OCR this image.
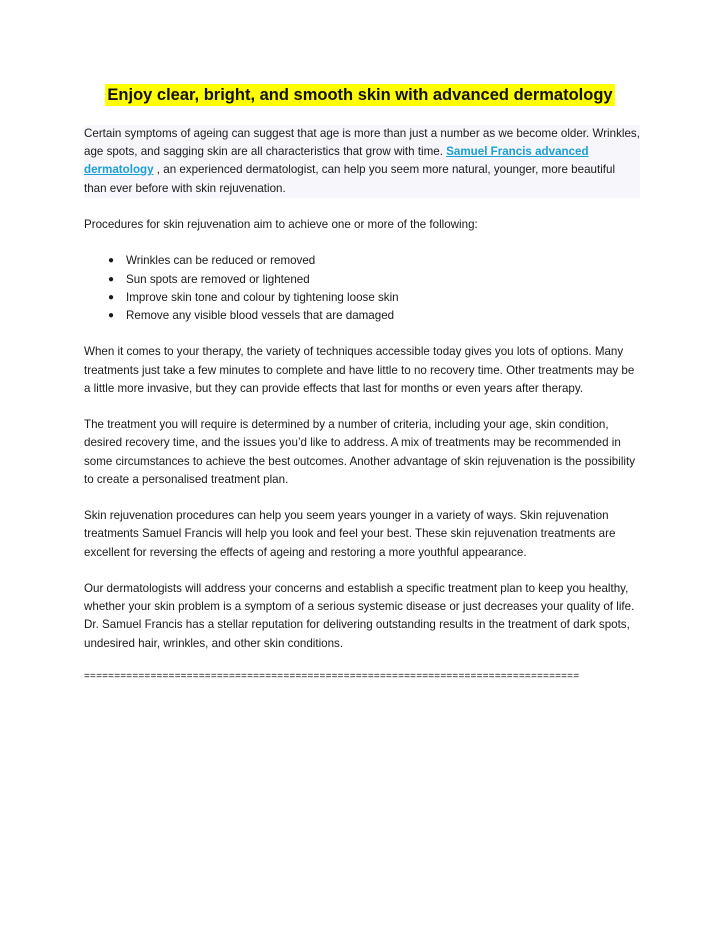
Enjoy clear, bright, and smooth skin with advanced dermatology

Certain symptoms of ageing can suggest that age is more than just a number as we become older. Wrinkles, age spots, and sagging skin are all characteristics that grow with time. Samuel Francis advanced dermatology , an experienced dermatologist, can help you seem more natural, younger, more beautiful than ever before with skin rejuvenation.

Procedures for skin rejuvenation aim to achieve one or more of the following:

●	Wrinkles can be reduced or removed
●	Sun spots are removed or lightened
●	Improve skin tone and colour by tightening loose skin
●	Remove any visible blood vessels that are damaged

When it comes to your therapy, the variety of techniques accessible today gives you lots of options. Many treatments just take a few minutes to complete and have little to no recovery time. Other treatments may be a little more invasive, but they can provide effects that last for months or even years after therapy.

The treatment you will require is determined by a number of criteria, including your age, skin condition, desired recovery time, and the issues you’d like to address. A mix of treatments may be recommended in some circumstances to achieve the best outcomes. Another advantage of skin rejuvenation is the possibility to create a personalised treatment plan.

Skin rejuvenation procedures can help you seem years younger in a variety of ways. Skin rejuvenation treatments Samuel Francis will help you look and feel your best. These skin rejuvenation treatments are excellent for reversing the effects of ageing and restoring a more youthful appearance.

Our dermatologists will address your concerns and establish a specific treatment plan to keep you healthy, whether your skin problem is a symptom of a serious systemic disease or just decreases your quality of life. Dr. Samuel Francis has a stellar reputation for delivering outstanding results in the treatment of dark spots, undesired hair, wrinkles, and other skin conditions.

==================================================================================
